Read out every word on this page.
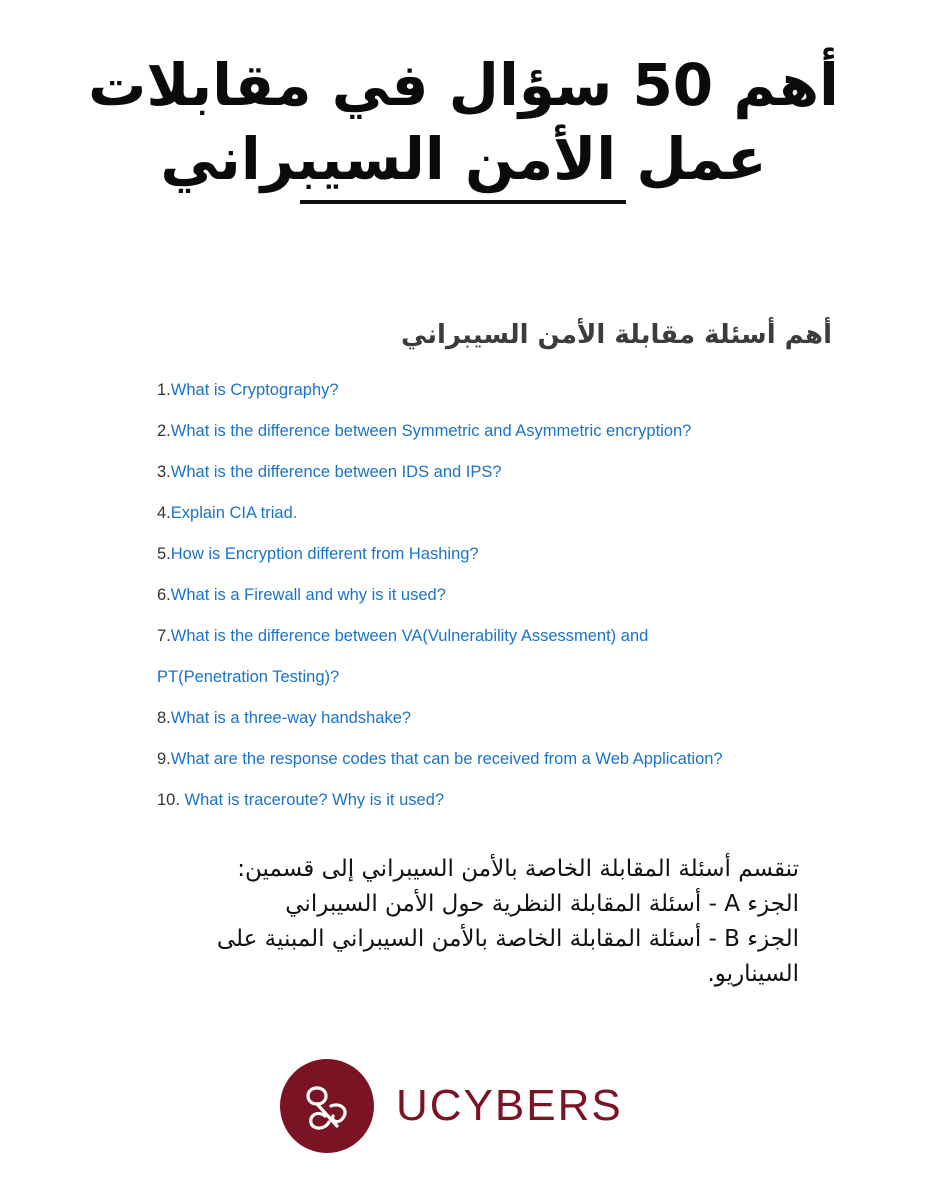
أهم 50 سؤال في مقابلات
عمل الأمن السيبراني
أهم أسئلة مقابلة الأمن السيبراني
1.What is Cryptography?
2.What is the difference between Symmetric and Asymmetric encryption?
3.What is the difference between IDS and IPS?
4.Explain CIA triad.
5.How is Encryption different from Hashing?
6.What is a Firewall and why is it used?
7.What is the difference between VA(Vulnerability Assessment) and
PT(Penetration Testing)?
8.What is a three-way handshake?
9.What are the response codes that can be received from a Web Application?
10. What is traceroute? Why is it used?

تنقسم أسئلة المقابلة الخاصة بالأمن السيبراني إلى قسمين:

الجزء A - أسئلة المقابلة النظرية حول الأمن السيبراني

الجزء B - أسئلة المقابلة الخاصة بالأمن السيبراني المبنية على

السيناريو.

UCYBERS
